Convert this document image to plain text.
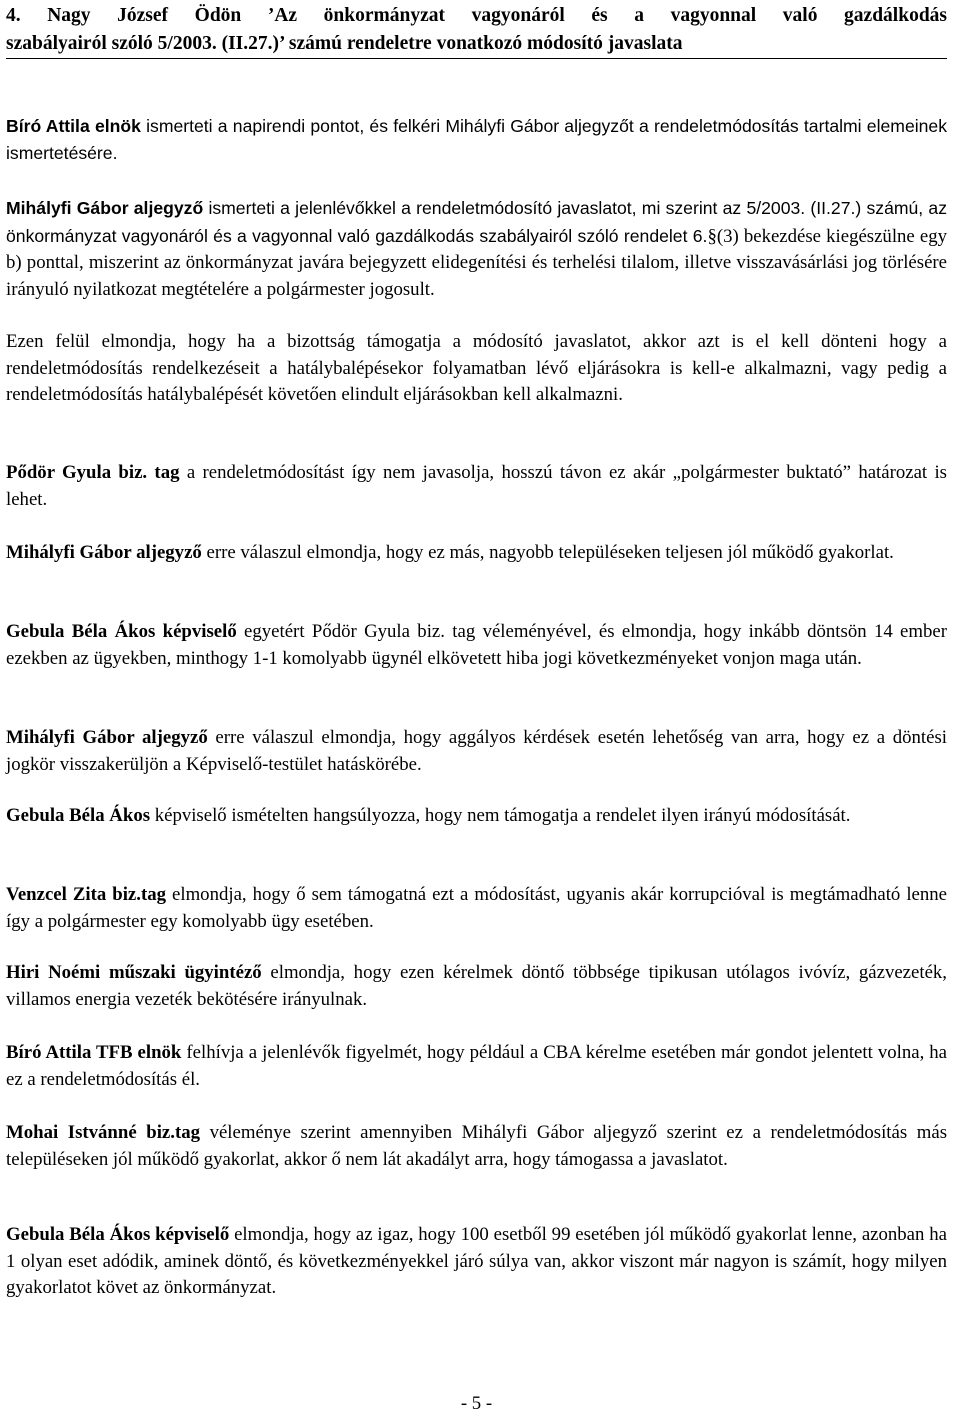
4. Nagy József Ödön ’Az önkormányzat vagyonáról és a vagyonnal való gazdálkodás
szabályairól szóló 5/2003. (II.27.)’ számú rendeletre vonatkozó módosító javaslata

Bíró Attila elnök ismerteti a napirendi pontot, és felkéri Mihályfi Gábor aljegyzőt a rendeletmódosítás tartalmi elemeinek ismertetésére.

Mihályfi Gábor aljegyző ismerteti a jelenlévőkkel a rendeletmódosító javaslatot, mi szerint az 5/2003. (II.27.) számú, az önkormányzat vagyonáról és a vagyonnal való gazdálkodás szabályairól szóló rendelet 6.§(3) bekezdése kiegészülne egy b) ponttal, miszerint az önkormányzat javára bejegyzett elidegenítési és terhelési tilalom, illetve visszavásárlási jog törlésére irányuló nyilatkozat megtételére a polgármester jogosult.

Ezen felül elmondja, hogy ha a bizottság támogatja a módosító javaslatot, akkor azt is el kell dönteni hogy a rendeletmódosítás rendelkezéseit a hatálybalépésekor folyamatban lévő eljárásokra is kell-e alkalmazni, vagy pedig a rendeletmódosítás hatálybalépését követően elindult eljárásokban kell alkalmazni.

Pődör Gyula biz. tag a rendeletmódosítást így nem javasolja, hosszú távon ez akár „polgármester buktató” határozat is lehet.

Mihályfi Gábor aljegyző erre válaszul elmondja, hogy ez más, nagyobb településeken teljesen jól működő gyakorlat.

Gebula Béla Ákos képviselő egyetért Pődör Gyula biz. tag véleményével, és elmondja, hogy inkább döntsön 14 ember ezekben az ügyekben, minthogy 1-1 komolyabb ügynél elkövetett hiba jogi következményeket vonjon maga után.

Mihályfi Gábor aljegyző erre válaszul elmondja, hogy aggályos kérdések esetén lehetőség van arra, hogy ez a döntési jogkör visszakerüljön a Képviselő-testület hatáskörébe.

Gebula Béla Ákos képviselő ismételten hangsúlyozza, hogy nem támogatja a rendelet ilyen irányú módosítását.

Venzcel Zita biz.tag elmondja, hogy ő sem támogatná ezt a módosítást, ugyanis akár korrupcióval is megtámadható lenne így a polgármester egy komolyabb ügy esetében.

Hiri Noémi műszaki ügyintéző elmondja, hogy ezen kérelmek döntő többsége tipikusan utólagos ivóvíz, gázvezeték, villamos energia vezeték bekötésére irányulnak.

Bíró Attila TFB elnök felhívja a jelenlévők figyelmét, hogy például a CBA kérelme esetében már gondot jelentett volna, ha ez a rendeletmódosítás él.

Mohai Istvánné biz.tag véleménye szerint amennyiben Mihályfi Gábor aljegyző szerint ez a rendeletmódosítás más településeken jól működő gyakorlat, akkor ő nem lát akadályt arra, hogy támogassa a javaslatot.

Gebula Béla Ákos képviselő elmondja, hogy az igaz, hogy 100 esetből 99 esetében jól működő gyakorlat lenne, azonban ha 1 olyan eset adódik, aminek döntő, és következményekkel járó súlya van, akkor viszont már nagyon is számít, hogy milyen gyakorlatot követ az önkormányzat.

- 5 -
